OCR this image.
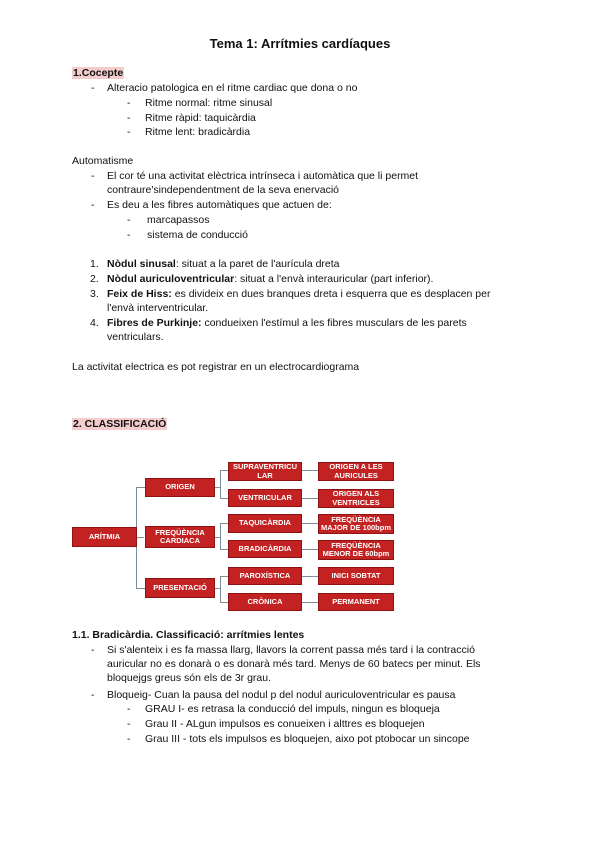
Tema 1: Arrítmies cardíaques
1.Cocepte
- Alteracio patologica en el ritme cardiac que dona o no
- Ritme normal: ritme sinusal
- Ritme ràpid: taquicàrdia
- Ritme lent: bradicàrdia
Automatisme
- El cor té una activitat elèctrica intrínseca i automàtica que li permet
contraure'sindependentment de la seva enervació
- Es deu a les fibres automàtiques que actuen de:
- marcapassos
- sistema de conducció
1. Nòdul sinusal: situat a la paret de l'aurícula dreta
2. Nòdul auriculoventricular: situat a l'envà interauricular (part inferior).
3. Feix de Hiss: es divideix en dues branques dreta i esquerra que es desplacen per
l'envà interventricular.
4. Fibres de Purkinje: condueixen l'estímul a les fibres musculars de les parets
ventriculars.
La activitat electrica es pot registrar en un electrocardiograma
2. CLASSIFICACIÓ
ARÍTMIA
ORIGEN
FREQÜÈNCIA CARDIACA
PRESENTACIÓ
SUPRAVENTRICU LAR
VENTRICULAR
TAQUICÀRDIA
BRADICÀRDIA
PAROXÍSTICA
CRÒNICA
ORIGEN A LES AURICULES
ORIGEN ALS VENTRICLES
FREQÜÈNCIA MAJOR DE 100bpm
FREQÜÈNCIA MENOR DE 60bpm
INICI SOBTAT
PERMANENT
1.1. Bradicàrdia. Classificació: arrítmies lentes
- Si s'alenteix i es fa massa llarg, llavors la corrent passa més tard i la contracció
auricular no es donarà o es donarà més tard. Menys de 60 batecs per minut. Els
bloquejgs greus són els de 3r grau.
- Bloqueig- Cuan la pausa del nodul p del nodul auriculoventricular es pausa
- GRAU I- es retrasa la conducció del impuls, ningun es bloqueja
- Grau II - ALgun impulsos es conueixen i alttres es bloquejen
- Grau III - tots els impulsos es bloquejen, aixo pot ptobocar un sincope
